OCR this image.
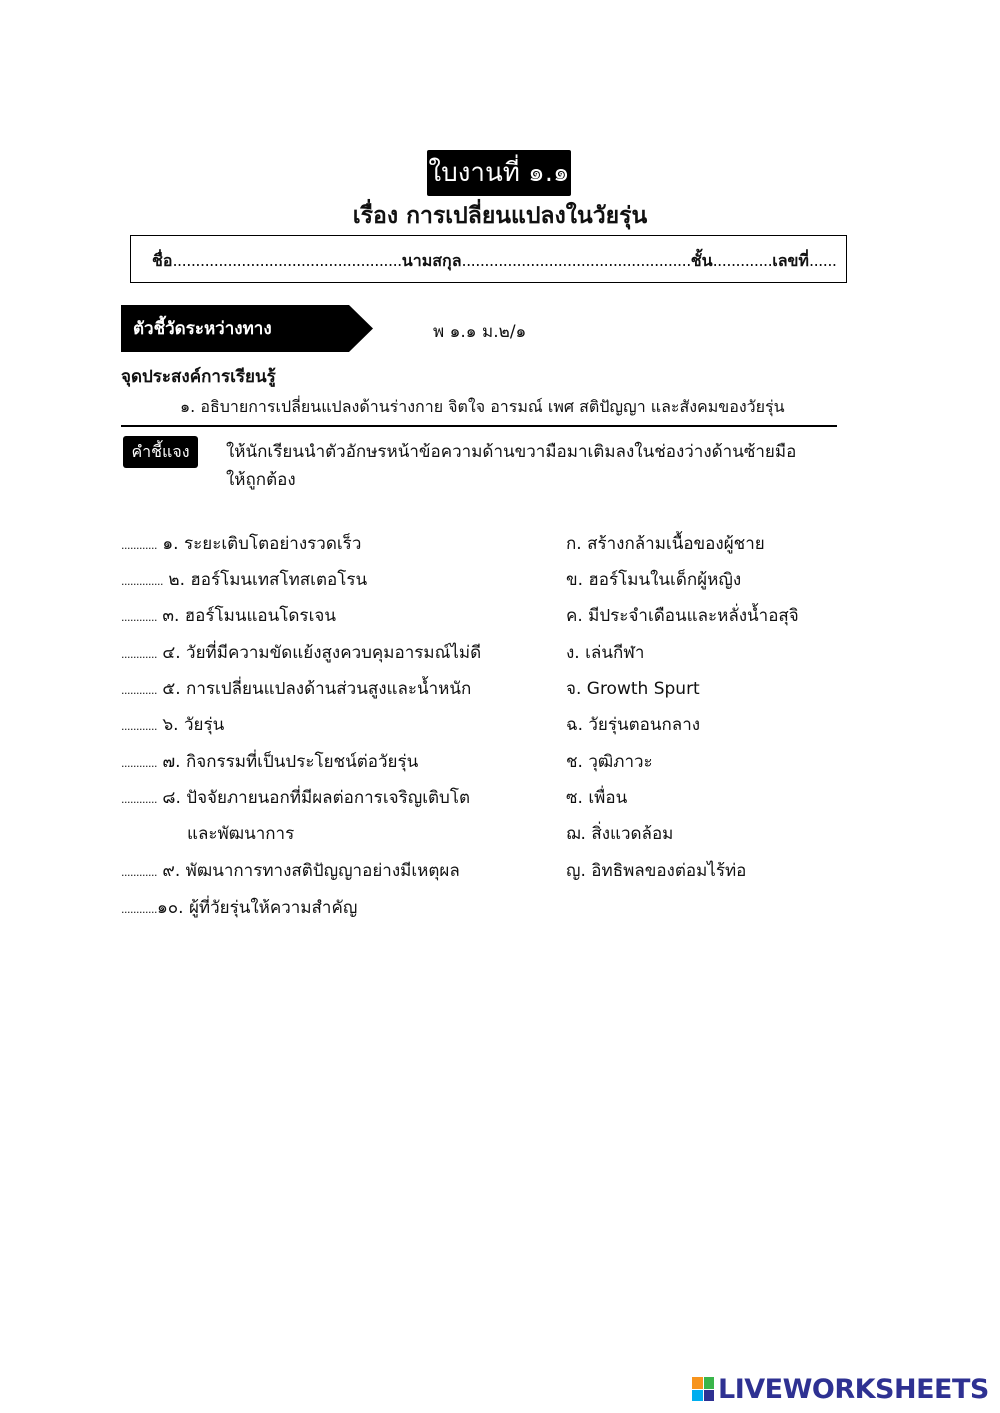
ใบงานที่ ๑.๑
เรื่อง การเปลี่ยนแปลงในวัยรุ่น
ชื่อ..................................................นามสกุล..................................................ชั้น.............เลขที่......
ตัวชี้วัดระหว่างทาง	พ ๑.๑ ม.๒/๑
จุดประสงค์การเรียนรู้
๑. อธิบายการเปลี่ยนแปลงด้านร่างกาย จิตใจ อารมณ์ เพศ สติปัญญา และสังคมของวัยรุ่น
คำชี้แจง	ให้นักเรียนนำตัวอักษรหน้าข้อความด้านขวามือมาเติมลงในช่องว่างด้านซ้ายมือ ให้ถูกต้อง
............ ๑. ระยะเติบโตอย่างรวดเร็ว
.............. ๒. ฮอร์โมนเทสโทสเตอโรน
............ ๓. ฮอร์โมนแอนโดรเจน
............ ๔. วัยที่มีความขัดแย้งสูงควบคุมอารมณ์ไม่ดี
............ ๕. การเปลี่ยนแปลงด้านส่วนสูงและน้ำหนัก
............ ๖. วัยรุ่น
............ ๗. กิจกรรมที่เป็นประโยชน์ต่อวัยรุ่น
............ ๘. ปัจจัยภายนอกที่มีผลต่อการเจริญเติบโต
และพัฒนาการ
............ ๙. พัฒนาการทางสติปัญญาอย่างมีเหตุผล
............๑๐. ผู้ที่วัยรุ่นให้ความสำคัญ
ก. สร้างกล้ามเนื้อของผู้ชาย
ข. ฮอร์โมนในเด็กผู้หญิง
ค. มีประจำเดือนและหลั่งน้ำอสุจิ
ง. เล่นกีฬา
จ. Growth Spurt
ฉ. วัยรุ่นตอนกลาง
ช. วุฒิภาวะ
ซ. เพื่อน
ฌ. สิ่งแวดล้อม
ญ. อิทธิพลของต่อมไร้ท่อ
LIVEWORKSHEETS
